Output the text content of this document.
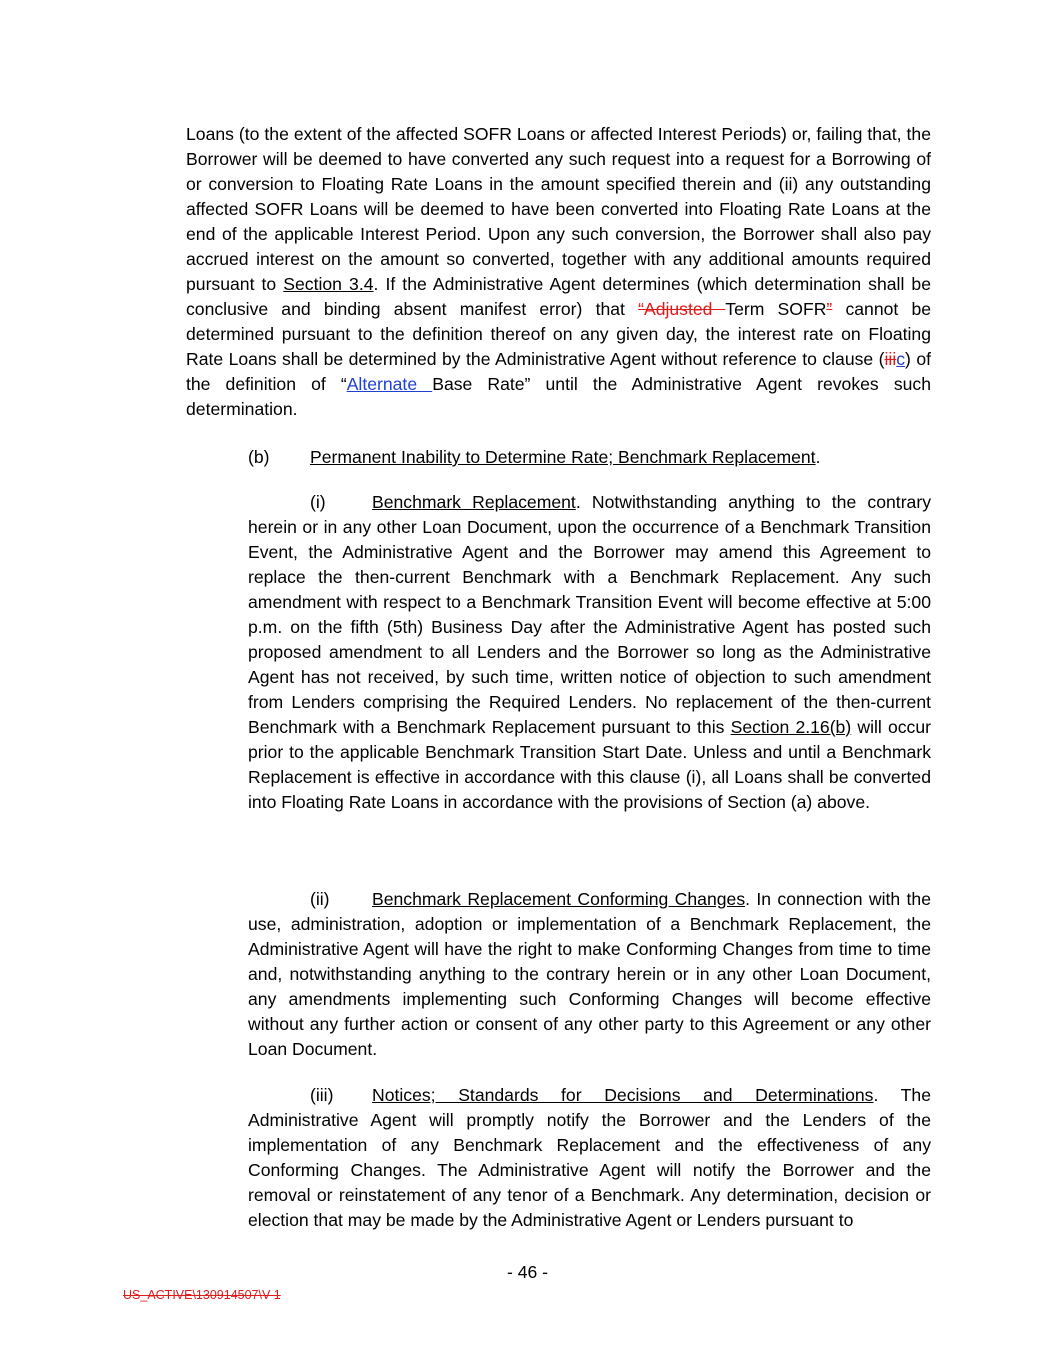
Loans (to the extent of the affected SOFR Loans or affected Interest Periods) or, failing that, the Borrower will be deemed to have converted any such request into a request for a Borrowing of or conversion to Floating Rate Loans in the amount specified therein and (ii) any outstanding affected SOFR Loans will be deemed to have been converted into Floating Rate Loans at the end of the applicable Interest Period. Upon any such conversion, the Borrower shall also pay accrued interest on the amount so converted, together with any additional amounts required pursuant to Section 3.4. If the Administrative Agent determines (which determination shall be conclusive and binding absent manifest error) that “Adjusted Term SOFR” cannot be determined pursuant to the definition thereof on any given day, the interest rate on Floating Rate Loans shall be determined by the Administrative Agent without reference to clause (iiic) of the definition of “Alternate Base Rate” until the Administrative Agent revokes such determination.

(b) Permanent Inability to Determine Rate; Benchmark Replacement.

(i)	Benchmark Replacement. Notwithstanding anything to the contrary herein or in any other Loan Document, upon the occurrence of a Benchmark Transition Event, the Administrative Agent and the Borrower may amend this Agreement to replace the then-current Benchmark with a Benchmark Replacement. Any such amendment with respect to a Benchmark Transition Event will become effective at 5:00 p.m. on the fifth (5th) Business Day after the Administrative Agent has posted such proposed amendment to all Lenders and the Borrower so long as the Administrative Agent has not received, by such time, written notice of objection to such amendment from Lenders comprising the Required Lenders. No replacement of the then-current Benchmark with a Benchmark Replacement pursuant to this Section 2.16(b) will occur prior to the applicable Benchmark Transition Start Date. Unless and until a Benchmark Replacement is effective in accordance with this clause (i), all Loans shall be converted into Floating Rate Loans in accordance with the provisions of Section (a) above.

(ii) Benchmark Replacement Conforming Changes. In connection with the use, administration, adoption or implementation of a Benchmark Replacement, the Administrative Agent will have the right to make Conforming Changes from time to time and, notwithstanding anything to the contrary herein or in any other Loan Document, any amendments implementing such Conforming Changes will become effective without any further action or consent of any other party to this Agreement or any other Loan Document.

(iii) Notices; Standards for Decisions and Determinations. The Administrative Agent will promptly notify the Borrower and the Lenders of the implementation of any Benchmark Replacement and the effectiveness of any Conforming Changes. The Administrative Agent will notify the Borrower and the removal or reinstatement of any tenor of a Benchmark. Any determination, decision or election that may be made by the Administrative Agent or Lenders pursuant to

- 46 -
US_ACTIVE\130914507\V-1
